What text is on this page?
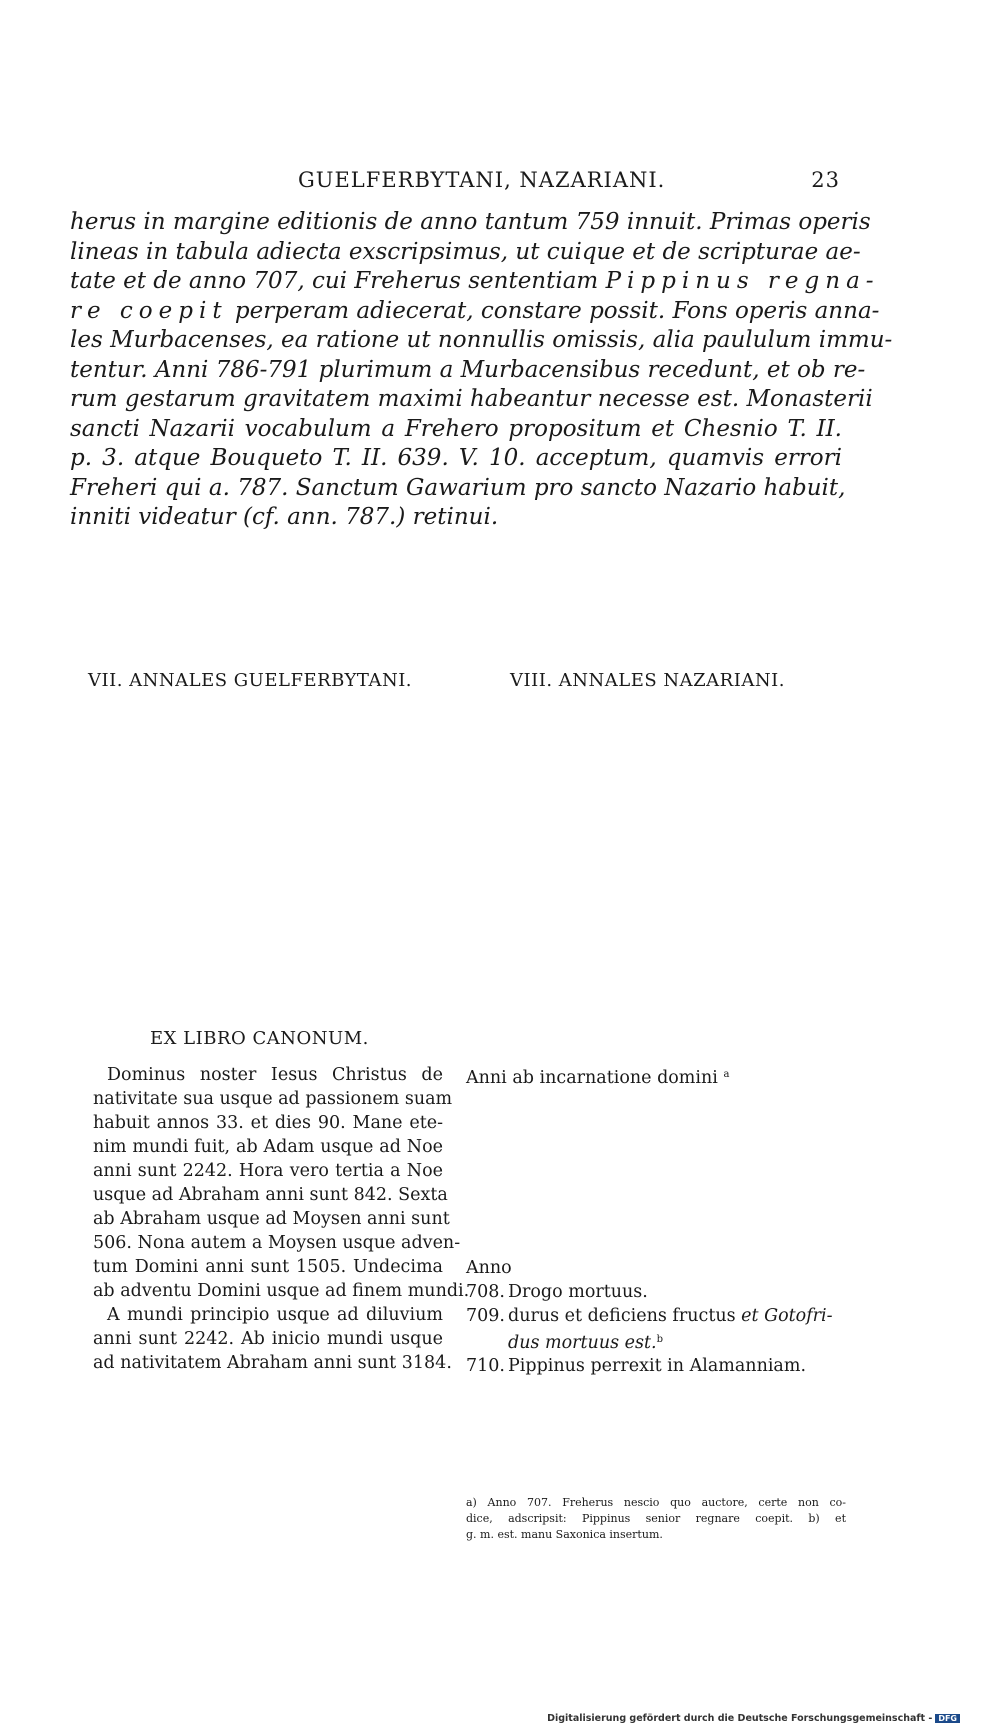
GUELFERBYTANI, NAZARIANI.	23
herus in margine editionis de anno tantum 759 innuit. Primas operis
lineas in tabula adiecta exscripsimus, ut cuique et de scripturae ae-
tate et de anno 707, cui Freherus sententiam Pippinus regna-
re coepit perperam adiecerat, constare possit. Fons operis anna-
les Murbacenses, ea ratione ut nonnullis omissis, alia paululum immu-
tentur. Anni 786-791 plurimum a Murbacensibus recedunt, et ob re-
rum gestarum gravitatem maximi habeantur necesse est. Monasterii
sancti Nazarii vocabulum a Frehero propositum et Chesnio T. II.
p. 3. atque Bouqueto T. II. 639. V. 10. acceptum, quamvis errori
Freheri qui a. 787. Sanctum Gawarium pro sancto Nazario habuit,
inniti videatur (cf. ann. 787.) retinui.
VII. ANNALES GUELFERBYTANI.	VIII. ANNALES NAZARIANI.
EX LIBRO CANONUM.
Dominus noster Iesus Christus de
nativitate sua usque ad passionem suam
habuit annos 33. et dies 90. Mane ete-
nim mundi fuit, ab Adam usque ad Noe
anni sunt 2242. Hora vero tertia a Noe
usque ad Abraham anni sunt 842. Sexta
ab Abraham usque ad Moysen anni sunt
506. Nona autem a Moysen usque adven-
tum Domini anni sunt 1505. Undecima
ab adventu Domini usque ad finem mundi.
A mundi principio usque ad diluvium
anni sunt 2242. Ab inicio mundi usque
ad nativitatem Abraham anni sunt 3184.
Anni ab incarnatione domini $^a$
Anno
708. Drogo mortuus.
709. durus et deficiens fructus et Gotofri-
dus mortuus est.$^b$
710. Pippinus perrexit in Alamanniam.
a) Anno 707. Freherus nescio quo auctore, certe non co-
dice, adscripsit: Pippinus senior regnare coepit. b) et
g. m. est. manu Saxonica insertum.
Digitalisierung gefördert durch die Deutsche Forschungsgemeinschaft - DFG
